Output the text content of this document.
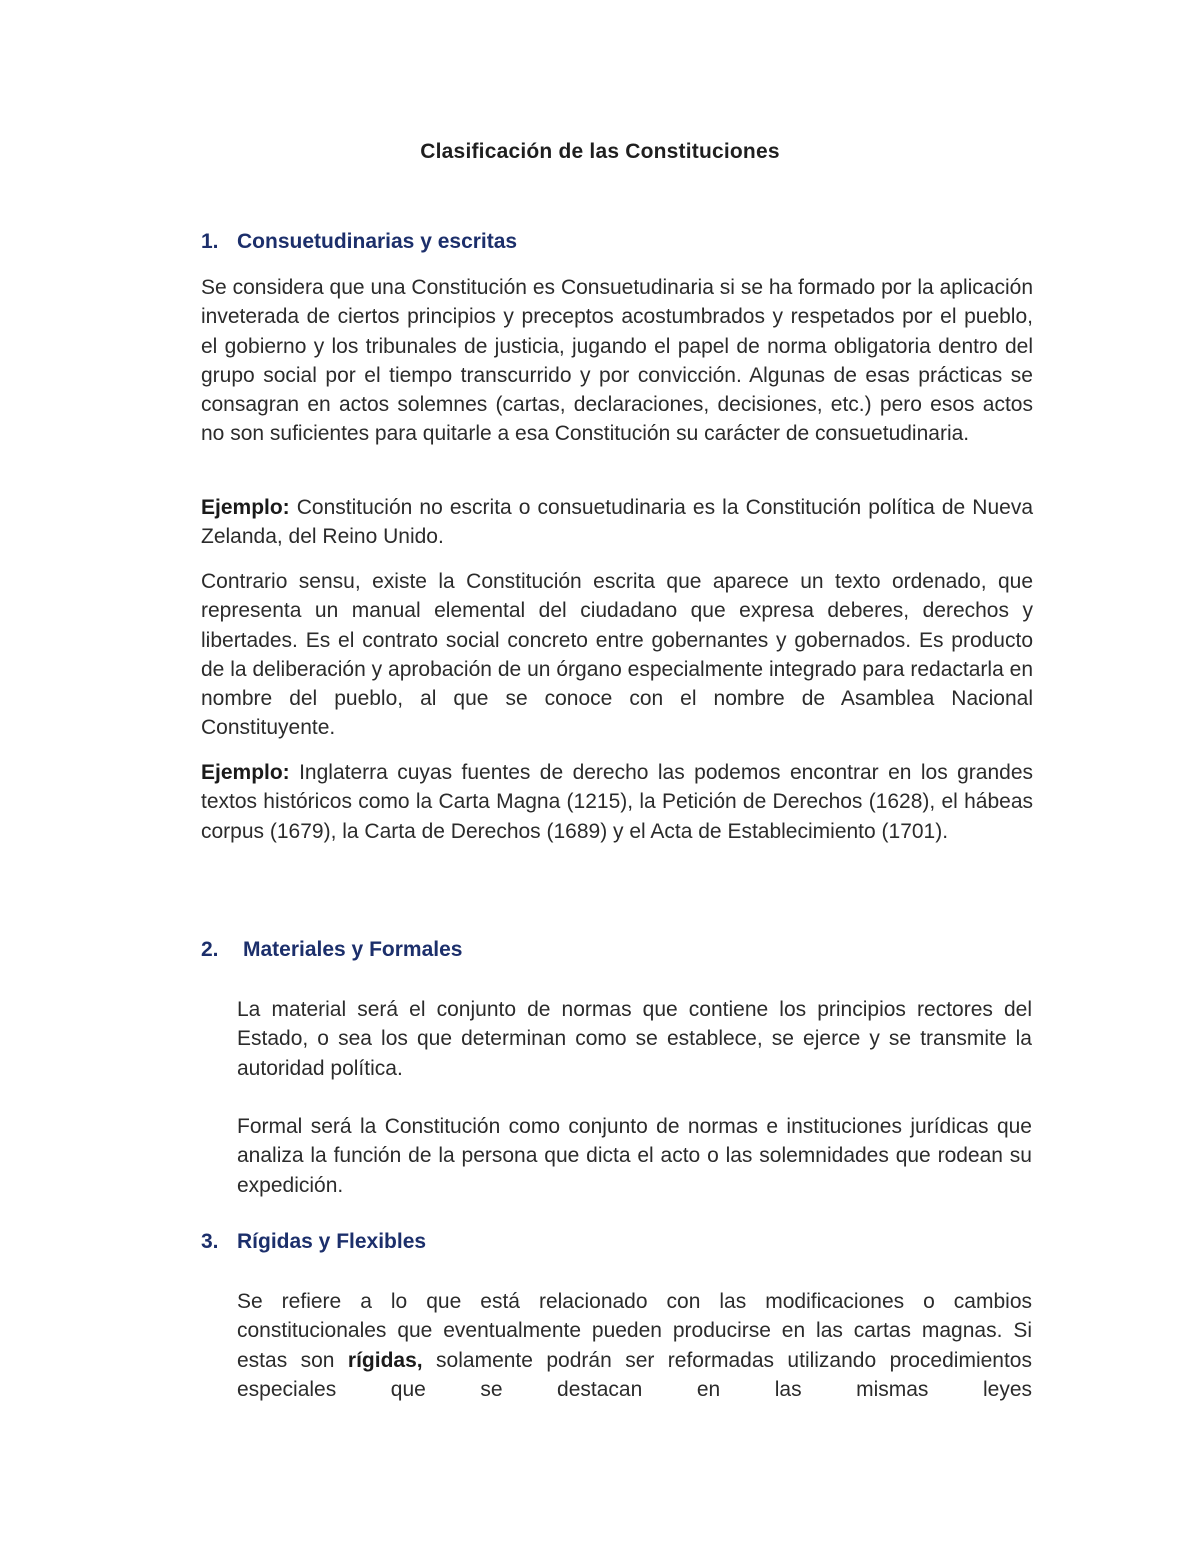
Clasificación de las Constituciones
1. Consuetudinarias y escritas
Se considera que una Constitución es Consuetudinaria si se ha formado por la aplicación inveterada de ciertos principios y preceptos acostumbrados y respetados por el pueblo, el gobierno y los tribunales de justicia, jugando el papel de norma obligatoria dentro del grupo social por el tiempo transcurrido y por convicción. Algunas de esas prácticas se consagran en actos solemnes (cartas, declaraciones, decisiones, etc.) pero esos actos no son suficientes para quitarle a esa Constitución su carácter de consuetudinaria.
Ejemplo: Constitución no escrita o consuetudinaria es la Constitución política de Nueva Zelanda, del Reino Unido.
Contrario sensu, existe la Constitución escrita que aparece un texto ordenado, que representa un manual elemental del ciudadano que expresa deberes, derechos y libertades. Es el contrato social concreto entre gobernantes y gobernados. Es producto de la deliberación y aprobación de un órgano especialmente integrado para redactarla en nombre del pueblo, al que se conoce con el nombre de Asamblea Nacional Constituyente.
Ejemplo: Inglaterra cuyas fuentes de derecho las podemos encontrar en los grandes textos históricos como la Carta Magna (1215), la Petición de Derechos (1628), el hábeas corpus (1679), la Carta de Derechos (1689) y el Acta de Establecimiento (1701).
2. Materiales y Formales
La material será el conjunto de normas que contiene los principios rectores del Estado, o sea los que determinan como se establece, se ejerce y se transmite la autoridad política.
Formal será la Constitución como conjunto de normas e instituciones jurídicas que analiza la función de la persona que dicta el acto o las solemnidades que rodean su expedición.
3. Rígidas y Flexibles
Se refiere a lo que está relacionado con las modificaciones o cambios constitucionales que eventualmente pueden producirse en las cartas magnas. Si estas son rígidas, solamente podrán ser reformadas utilizando procedimientos especiales que se destacan en las mismas leyes
